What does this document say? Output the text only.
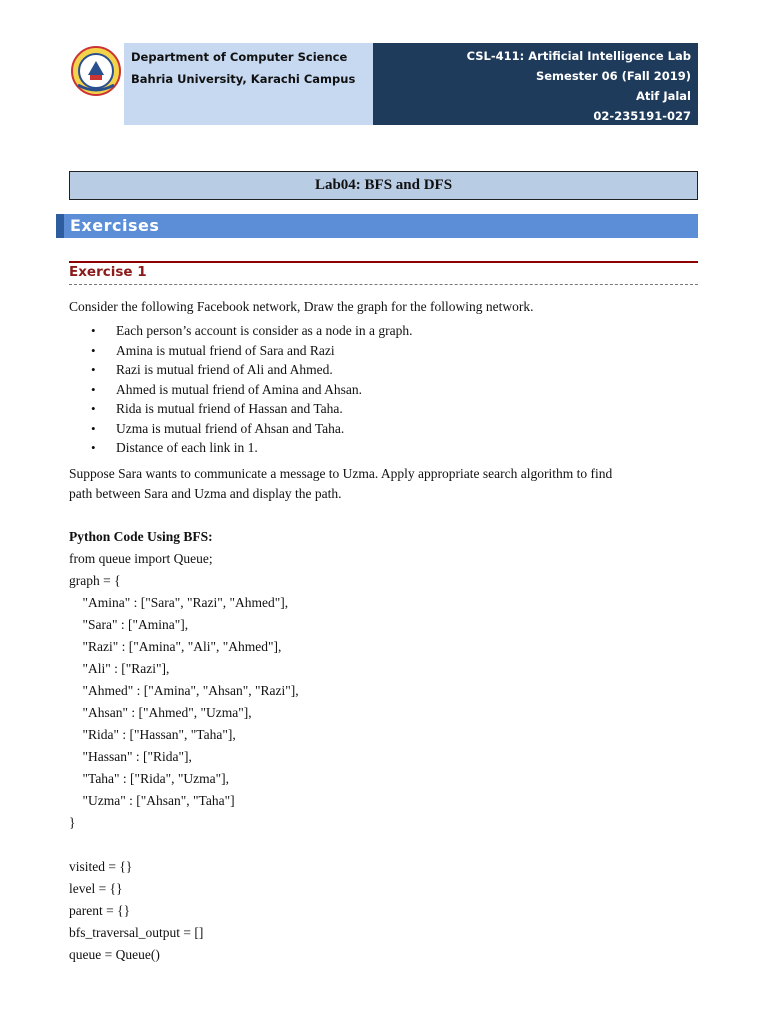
Department of Computer Science
Bahria University, Karachi Campus
CSL-411: Artificial Intelligence Lab
Semester 06 (Fall 2019)
Atif Jalal
02-235191-027
Lab04: BFS and DFS
Exercises
Exercise 1
Consider the following Facebook network, Draw the graph for the following network.
• Each person’s account is consider as a node in a graph.
• Amina is mutual friend of Sara and Razi
• Razi is mutual friend of Ali and Ahmed.
• Ahmed is mutual friend of Amina and Ahsan.
• Rida is mutual friend of Hassan and Taha.
• Uzma is mutual friend of Ahsan and Taha.
• Distance of each link in 1.
Suppose Sara wants to communicate a message to Uzma. Apply appropriate search algorithm to find
path between Sara and Uzma and display the path.
Python Code Using BFS:
from queue import Queue;
graph = {
"Amina" : ["Sara", "Razi", "Ahmed"],
"Sara" : ["Amina"],
"Razi" : ["Amina", "Ali", "Ahmed"],
"Ali" : ["Razi"],
"Ahmed" : ["Amina", "Ahsan", "Razi"],
"Ahsan" : ["Ahmed", "Uzma"],
"Rida" : ["Hassan", "Taha"],
"Hassan" : ["Rida"],
"Taha" : ["Rida", "Uzma"],
"Uzma" : ["Ahsan", "Taha"]
}
visited = {}
level = {}
parent = {}
bfs_traversal_output = []
queue = Queue()
